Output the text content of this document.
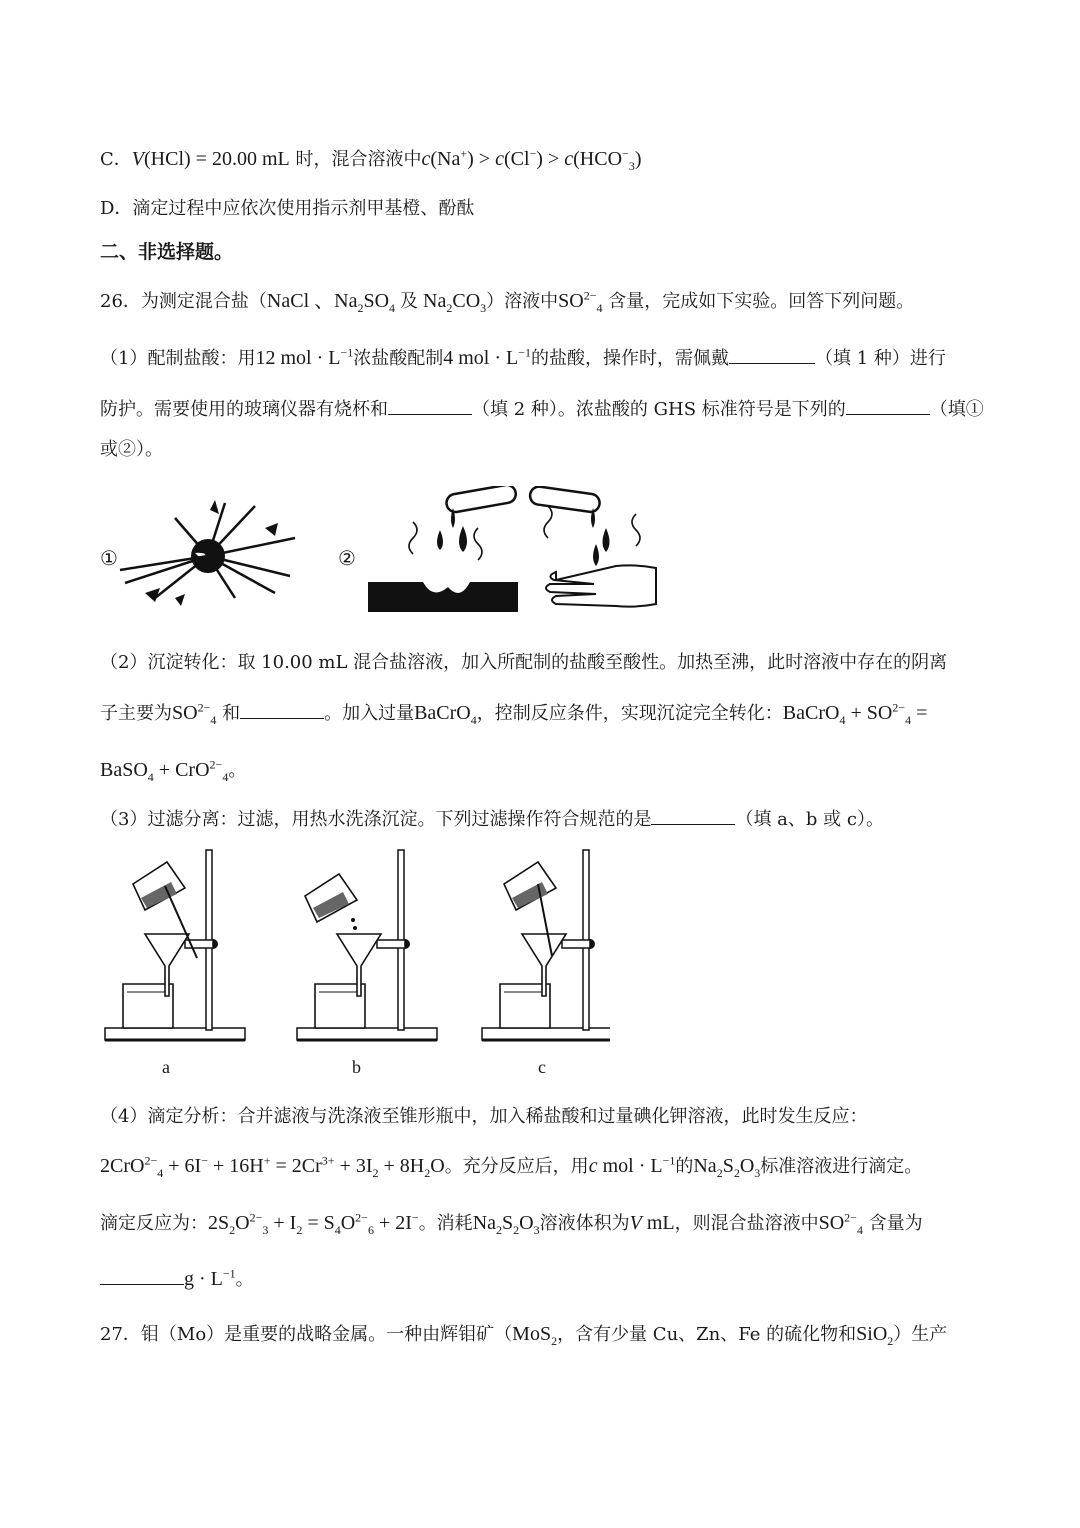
C．V(HCl) = 20.00 mL 时，混合溶液中$c(Na^+) > c(Cl^-) > c(HCO^-_3)$
D．滴定过程中应依次使用指示剂甲基橙、酚酞
二、非选择题。
26．为测定混合盐（NaCl 、$Na_2SO_4$ 及 $Na_2CO_3$）溶液中$SO^{2-}_4$ 含量，完成如下实验。回答下列问题。
（1）配制盐酸：用12 mol · $L^{-1}$浓盐酸配制4 mol · $L^{-1}$的盐酸，操作时，需佩戴	（填 1 种）进行
防护。需要使用的玻璃仪器有烧杯和	（填 2 种）。浓盐酸的 GHS 标准符号是下列的	（填①
或②）。
①	②
（2）沉淀转化：取 10.00 mL 混合盐溶液，加入所配制的盐酸至酸性。加热至沸，此时溶液中存在的阴离
子主要为$SO^{2-}_4$ 和	。加入过量BaCrO$_4$，控制反应条件，实现沉淀完全转化：BaCrO$_4$ + $SO^{2-}_4$ =
BaSO$_4$ + CrO$^{2-}_4$。
（3）过滤分离：过滤，用热水洗涤沉淀。下列过滤操作符合规范的是	（填 a、b 或 c）。
a	b	c
（4）滴定分析：合并滤液与洗涤液至锥形瓶中，加入稀盐酸和过量碘化钾溶液，此时发生反应：
$2CrO^{2-}_4 + 6I^- + 16H^+ = 2Cr^{3+} + 3I_2 + 8H_2O$。充分反应后，用c mol · $L^{-1}$的$Na_2S_2O_3$标准溶液进行滴定。
滴定反应为：$2S_2O^{2-}_3 + I_2 = S_4O^{2-}_6 + 2I^-$。消耗$Na_2S_2O_3$溶液体积为V mL，则混合盐溶液中$SO^{2-}_4$ 含量为
$g \cdot L^{-1}$。
27．钼（Mo）是重要的战略金属。一种由辉钼矿（MoS$_2$，含有少量 Cu、Zn、Fe 的硫化物和SiO$_2$）生产
